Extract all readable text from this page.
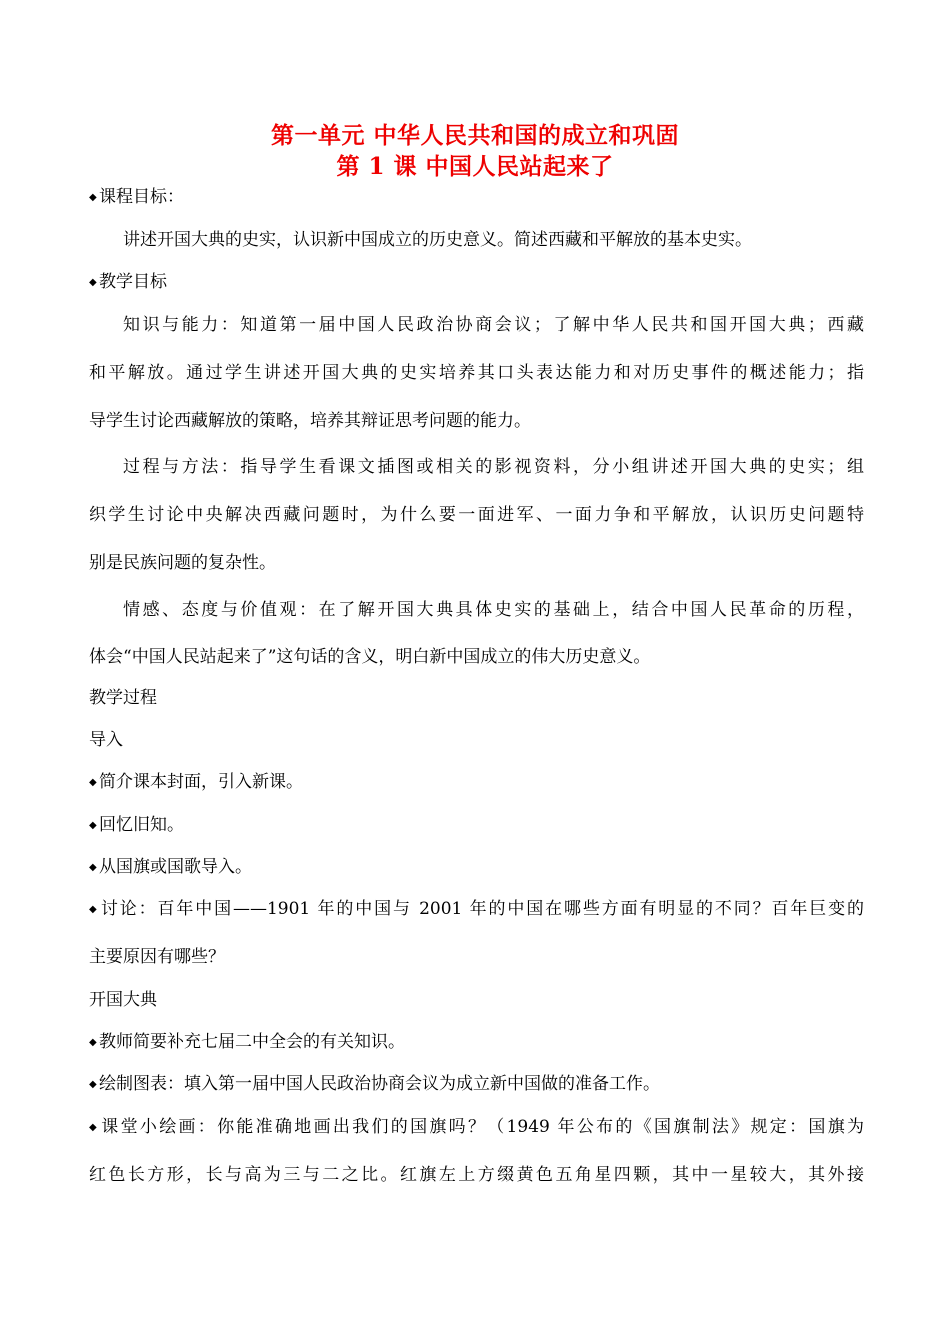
第一单元 中华人民共和国的成立和巩固
第 1 课 中国人民站起来了
◆ 课程目标：
讲述开国大典的史实，认识新中国成立的历史意义。简述西藏和平解放的基本史实。
◆ 教学目标
知识与能力：知道第一届中国人民政治协商会议；了解中华人民共和国开国大典；西藏
和平解放。通过学生讲述开国大典的史实培养其口头表达能力和对历史事件的概述能力；指
导学生讨论西藏解放的策略，培养其辩证思考问题的能力。
过程与方法：指导学生看课文插图或相关的影视资料，分小组讲述开国大典的史实；组
织学生讨论中央解决西藏问题时，为什么要一面进军、一面力争和平解放，认识历史问题特
别是民族问题的复杂性。
情感、态度与价值观：在了解开国大典具体史实的基础上，结合中国人民革命的历程，
体会“中国人民站起来了”这句话的含义，明白新中国成立的伟大历史意义。
教学过程
导入
◆ 简介课本封面，引入新课。
◆ 回忆旧知。
◆ 从国旗或国歌导入。
◆ 讨论：百年中国——1901 年的中国与 2001 年的中国在哪些方面有明显的不同？百年巨变的
主要原因有哪些？
开国大典
◆ 教师简要补充七届二中全会的有关知识。
◆ 绘制图表：填入第一届中国人民政治协商会议为成立新中国做的准备工作。
◆ 课堂小绘画：你能准确地画出我们的国旗吗？（1949 年公布的《国旗制法》规定：国旗为
红色长方形，长与高为三与二之比。红旗左上方缀黄色五角星四颗，其中一星较大，其外接
